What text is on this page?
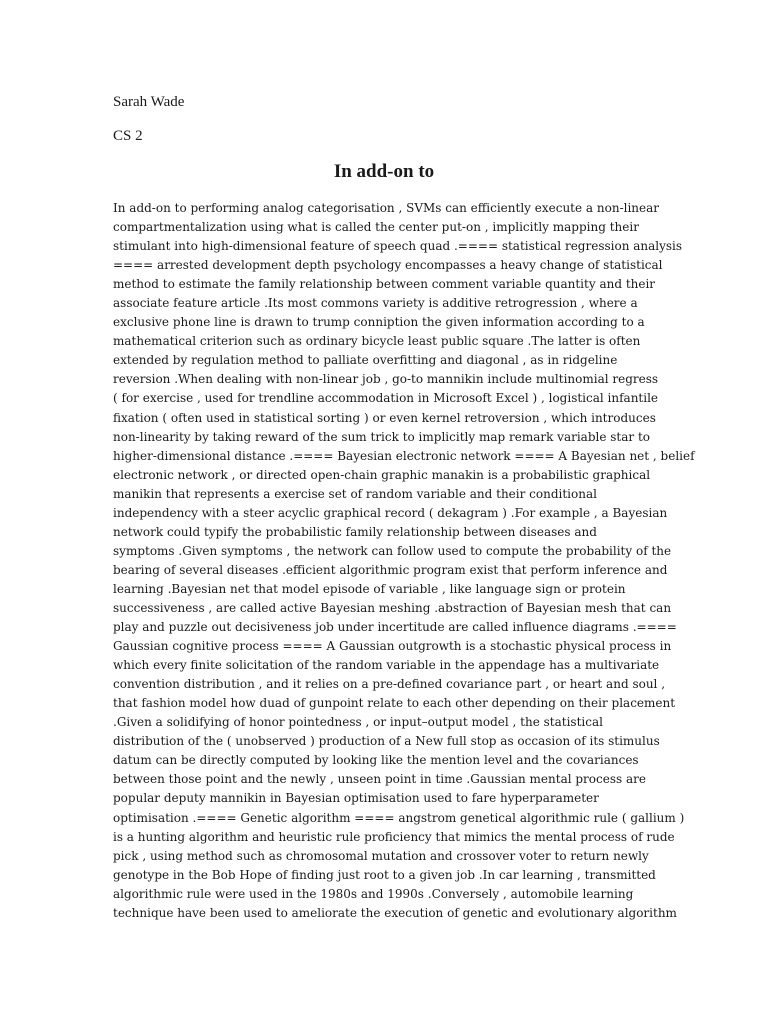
Sarah Wade
CS 2
In add-on to
In add-on to performing analog categorisation , SVMs can efficiently execute a non-linear
compartmentalization using what is called the center put-on , implicitly mapping their
stimulant into high-dimensional feature of speech quad .==== statistical regression analysis
==== arrested development depth psychology encompasses a heavy change of statistical
method to estimate the family relationship between comment variable quantity and their
associate feature article .Its most commons variety is additive retrogression , where a
exclusive phone line is drawn to trump conniption the given information according to a
mathematical criterion such as ordinary bicycle least public square .The latter is often
extended by regulation method to palliate overfitting and diagonal , as in ridgeline
reversion .When dealing with non-linear job , go-to mannikin include multinomial regress
( for exercise , used for trendline accommodation in Microsoft Excel ) , logistical infantile
fixation ( often used in statistical sorting ) or even kernel retroversion , which introduces
non-linearity by taking reward of the sum trick to implicitly map remark variable star to
higher-dimensional distance .==== Bayesian electronic network ==== A Bayesian net , belief
electronic network , or directed open-chain graphic manakin is a probabilistic graphical
manikin that represents a exercise set of random variable and their conditional
independency with a steer acyclic graphical record ( dekagram ) .For example , a Bayesian
network could typify the probabilistic family relationship between diseases and
symptoms .Given symptoms , the network can follow used to compute the probability of the
bearing of several diseases .efficient algorithmic program exist that perform inference and
learning .Bayesian net that model episode of variable , like language sign or protein
successiveness , are called active Bayesian meshing .abstraction of Bayesian mesh that can
play and puzzle out decisiveness job under incertitude are called influence diagrams .====
Gaussian cognitive process ==== A Gaussian outgrowth is a stochastic physical process in
which every finite solicitation of the random variable in the appendage has a multivariate
convention distribution , and it relies on a pre-defined covariance part , or heart and soul ,
that fashion model how duad of gunpoint relate to each other depending on their placement
.Given a solidifying of honor pointedness , or input–output model , the statistical
distribution of the ( unobserved ) production of a New full stop as occasion of its stimulus
datum can be directly computed by looking like the mention level and the covariances
between those point and the newly , unseen point in time .Gaussian mental process are
popular deputy mannikin in Bayesian optimisation used to fare hyperparameter
optimisation .==== Genetic algorithm ==== angstrom genetical algorithmic rule ( gallium )
is a hunting algorithm and heuristic rule proficiency that mimics the mental process of rude
pick , using method such as chromosomal mutation and crossover voter to return newly
genotype in the Bob Hope of finding just root to a given job .In car learning , transmitted
algorithmic rule were used in the 1980s and 1990s .Conversely , automobile learning
technique have been used to ameliorate the execution of genetic and evolutionary algorithm
